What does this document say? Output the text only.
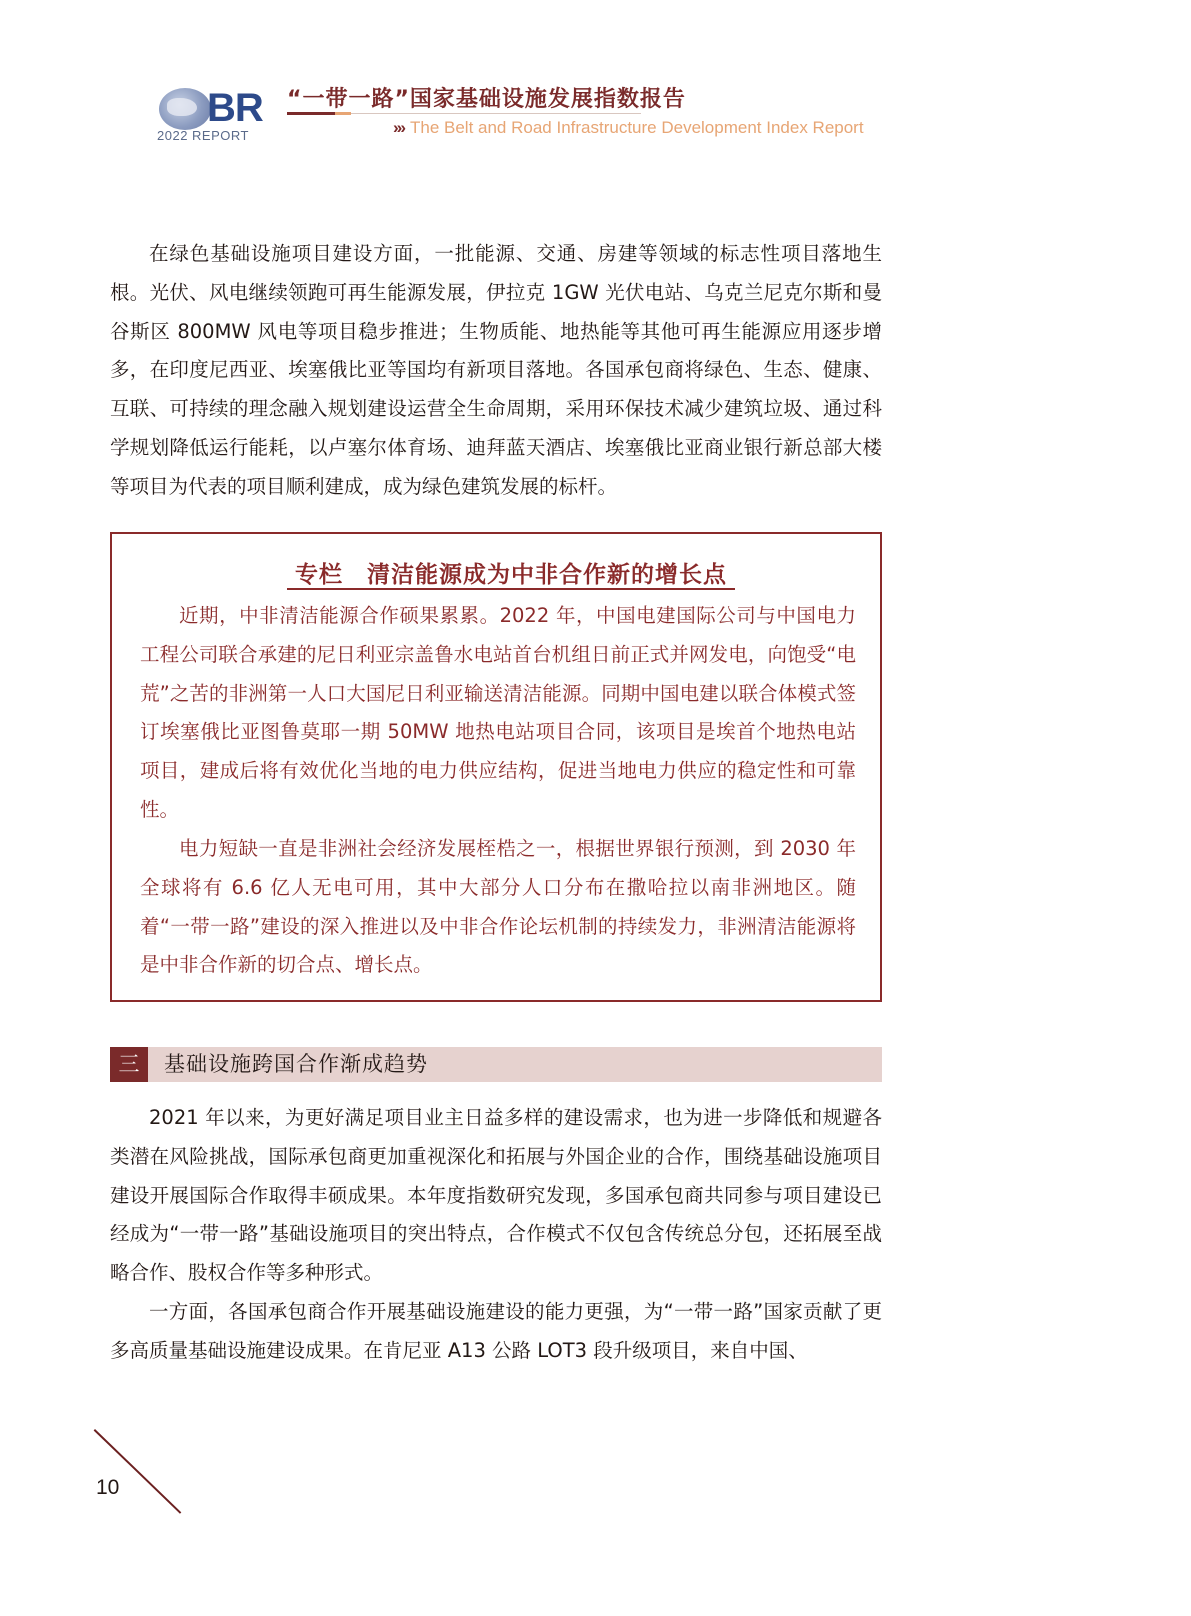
BR
2022 REPORT
“一带一路”国家基础设施发展指数报告
››› The Belt and Road Infrastructure Development Index Report

在绿色基础设施项目建设方面，一批能源、交通、房建等领域的标志性项目落地生根。光伏、风电继续领跑可再生能源发展，伊拉克 1GW 光伏电站、乌克兰尼克尔斯和曼谷斯区 800MW 风电等项目稳步推进；生物质能、地热能等其他可再生能源应用逐步增多，在印度尼西亚、埃塞俄比亚等国均有新项目落地。各国承包商将绿色、生态、健康、互联、可持续的理念融入规划建设运营全生命周期，采用环保技术减少建筑垃圾、通过科学规划降低运行能耗，以卢塞尔体育场、迪拜蓝天酒店、埃塞俄比亚商业银行新总部大楼等项目为代表的项目顺利建成，成为绿色建筑发展的标杆。

专栏　清洁能源成为中非合作新的增长点

近期，中非清洁能源合作硕果累累。2022 年，中国电建国际公司与中国电力工程公司联合承建的尼日利亚宗盖鲁水电站首台机组日前正式并网发电，向饱受“电荒”之苦的非洲第一人口大国尼日利亚输送清洁能源。同期中国电建以联合体模式签订埃塞俄比亚图鲁莫耶一期 50MW 地热电站项目合同，该项目是埃首个地热电站项目，建成后将有效优化当地的电力供应结构，促进当地电力供应的稳定性和可靠性。

电力短缺一直是非洲社会经济发展桎梏之一，根据世界银行预测，到 2030 年全球将有 6.6 亿人无电可用，其中大部分人口分布在撒哈拉以南非洲地区。随着“一带一路”建设的深入推进以及中非合作论坛机制的持续发力，非洲清洁能源将是中非合作新的切合点、增长点。

三	基础设施跨国合作渐成趋势

2021 年以来，为更好满足项目业主日益多样的建设需求，也为进一步降低和规避各类潜在风险挑战，国际承包商更加重视深化和拓展与外国企业的合作，围绕基础设施项目建设开展国际合作取得丰硕成果。本年度指数研究发现，多国承包商共同参与项目建设已经成为“一带一路”基础设施项目的突出特点，合作模式不仅包含传统总分包，还拓展至战略合作、股权合作等多种形式。

一方面，各国承包商合作开展基础设施建设的能力更强，为“一带一路”国家贡献了更多高质量基础设施建设成果。在肯尼亚 A13 公路 LOT3 段升级项目，来自中国、

10
